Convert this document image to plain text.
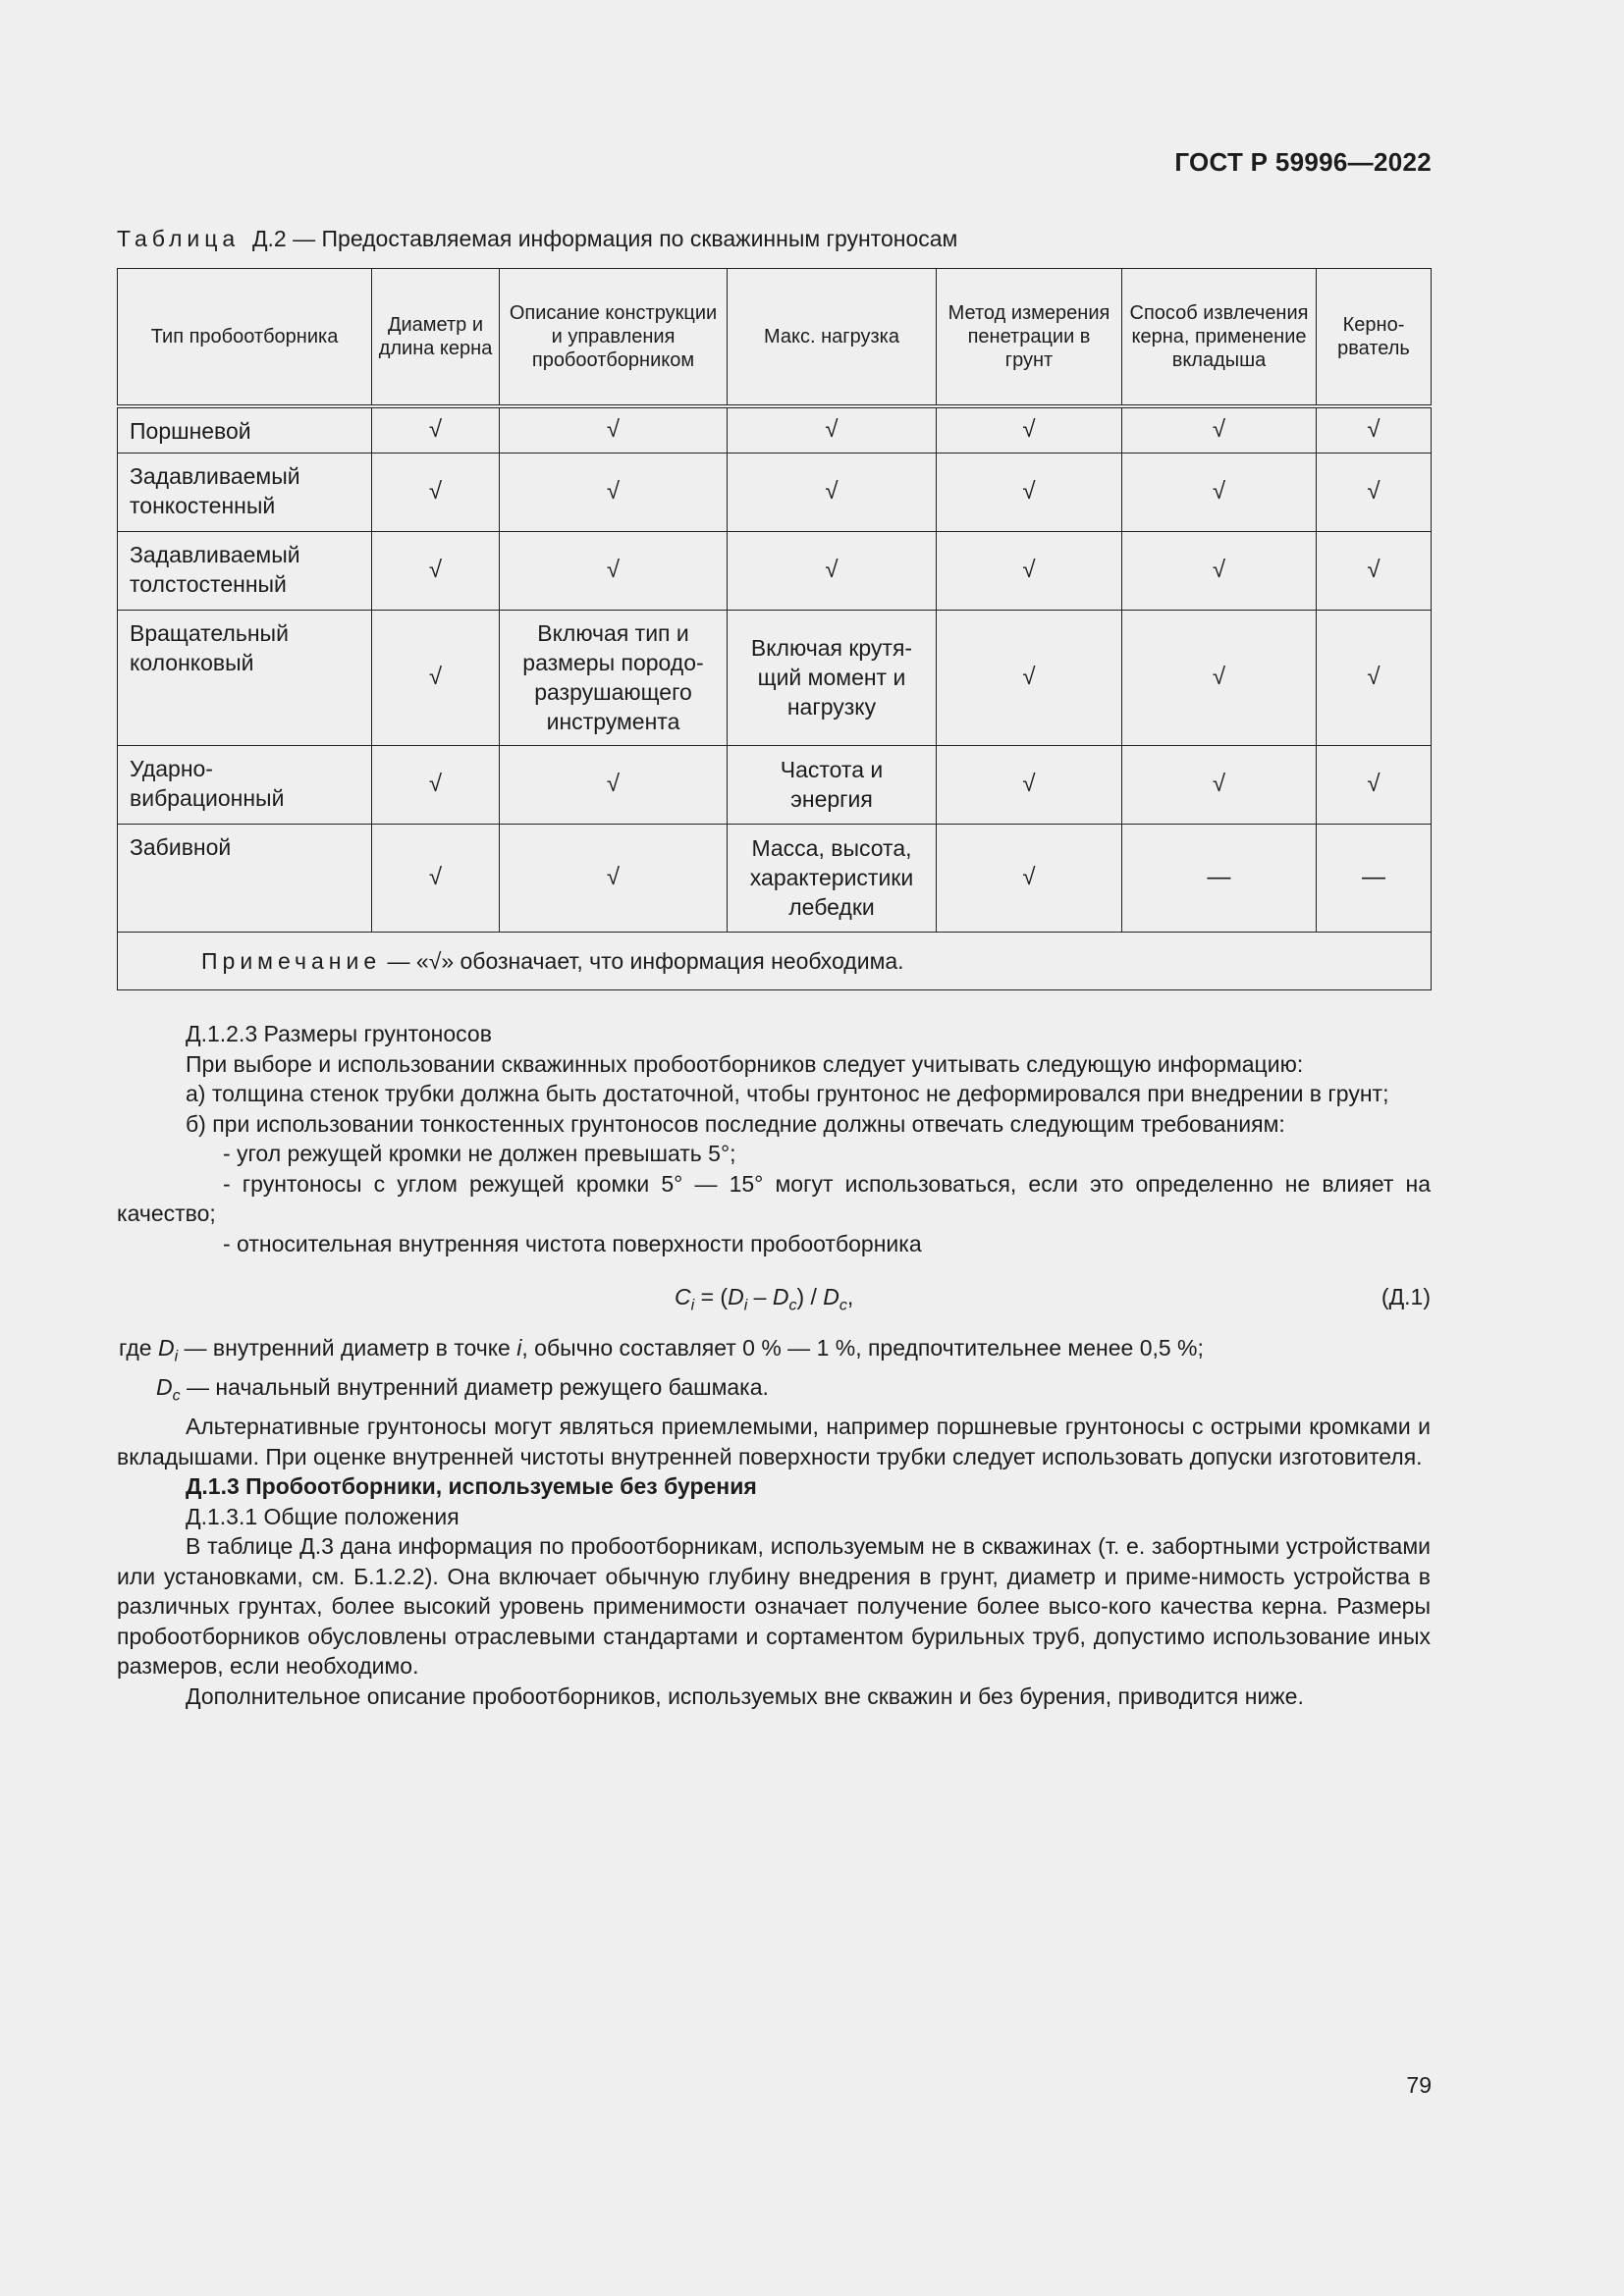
ГОСТ Р 59996—2022
Таблица Д.2 — Предоставляемая информация по скважинным грунтоносам
Тип пробоотборника	Диаметр и длина керна	Описание конструкции и управления пробоотборником	Макс. нагрузка	Метод измерения пенетрации в грунт	Способ извлечения керна, применение вкладыша	Керно-рватель
Поршневой	√	√	√	√	√	√
Задавливаемый тонкостенный	√	√	√	√	√	√
Задавливаемый толстостенный	√	√	√	√	√	√
Вращательный колонковый	√	Включая тип и размеры породо-разрушающего инструмента	Включая крутя-щий момент и нагрузку	√	√	√
Ударно-вибрационный	√	√	Частота и энергия	√	√	√
Забивной	√	√	Масса, высота, характеристики лебедки	√	—	—
Примечание — «√» обозначает, что информация необходима.						

Д.1.2.3 Размеры грунтоносов

При выборе и использовании скважинных пробоотборников следует учитывать следующую информацию:

а) толщина стенок трубки должна быть достаточной, чтобы грунтонос не деформировался при внедрении в грунт;

б) при использовании тонкостенных грунтоносов последние должны отвечать следующим требованиям:

- угол режущей кромки не должен превышать 5°;

- грунтоносы с углом режущей кромки 5° — 15° могут использоваться, если это определенно не влияет на качество;

- относительная внутренняя чистота поверхности пробоотборника

$C_i = (D_i - D_c) / D_c$,	(Д.1)

где $D_i$ — внутренний диаметр в точке i, обычно составляет 0 % — 1 %, предпочтительнее менее 0,5 %;

$D_c$ — начальный внутренний диаметр режущего башмака.

Альтернативные грунтоносы могут являться приемлемыми, например поршневые грунтоносы с острыми кромками и вкладышами. При оценке внутренней чистоты внутренней поверхности трубки следует использовать допуски изготовителя.

Д.1.3 Пробоотборники, используемые без бурения

Д.1.3.1 Общие положения

В таблице Д.3 дана информация по пробоотборникам, используемым не в скважинах (т. е. забортными устройствами или установками, см. Б.1.2.2). Она включает обычную глубину внедрения в грунт, диаметр и приме-нимость устройства в различных грунтах, более высокий уровень применимости означает получение более высо-кого качества керна. Размеры пробоотборников обусловлены отраслевыми стандартами и сортаментом бурильных труб, допустимо использование иных размеров, если необходимо.

Дополнительное описание пробоотборников, используемых вне скважин и без бурения, приводится ниже.

79
